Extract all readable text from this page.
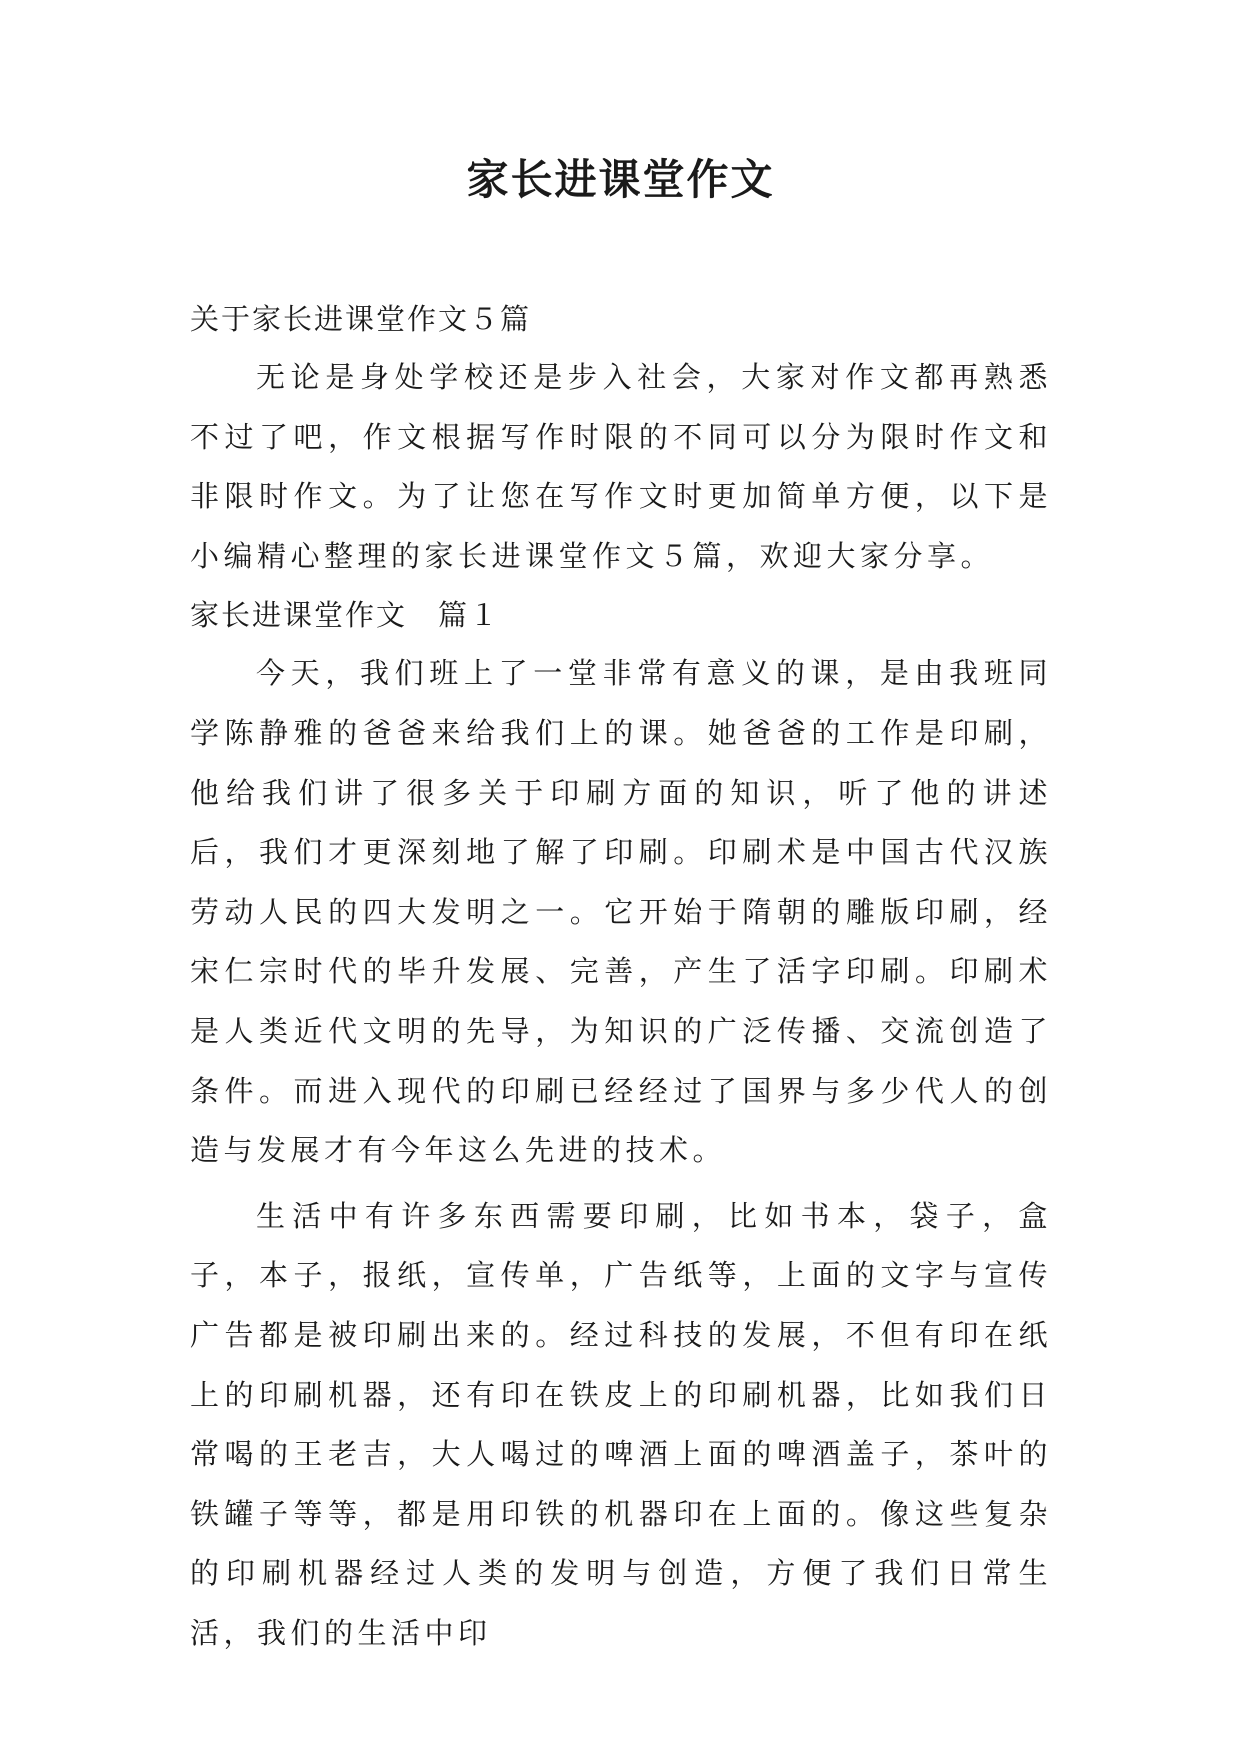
家长进课堂作文

关于家长进课堂作文５篇

无论是身处学校还是步入社会，大家对作文都再熟悉不过了吧，作文根据写作时限的不同可以分为限时作文和非限时作文。为了让您在写作文时更加简单方便，以下是小编精心整理的家长进课堂作文５篇，欢迎大家分享。

家长进课堂作文　篇１

今天，我们班上了一堂非常有意义的课，是由我班同学陈静雅的爸爸来给我们上的课。她爸爸的工作是印刷，他给我们讲了很多关于印刷方面的知识，听了他的讲述后，我们才更深刻地了解了印刷。印刷术是中国古代汉族劳动人民的四大发明之一。它开始于隋朝的雕版印刷，经宋仁宗时代的毕升发展、完善，产生了活字印刷。印刷术是人类近代文明的先导，为知识的广泛传播、交流创造了条件。而进入现代的印刷已经经过了国界与多少代人的创造与发展才有今年这么先进的技术。

生活中有许多东西需要印刷，比如书本，袋子，盒子，本子，报纸，宣传单，广告纸等，上面的文字与宣传广告都是被印刷出来的。经过科技的发展，不但有印在纸上的印刷机器，还有印在铁皮上的印刷机器，比如我们日常喝的王老吉，大人喝过的啤酒上面的啤酒盖子，茶叶的铁罐子等等，都是用印铁的机器印在上面的。像这些复杂的印刷机器经过人类的发明与创造，方便了我们日常生活，我们的生活中印
